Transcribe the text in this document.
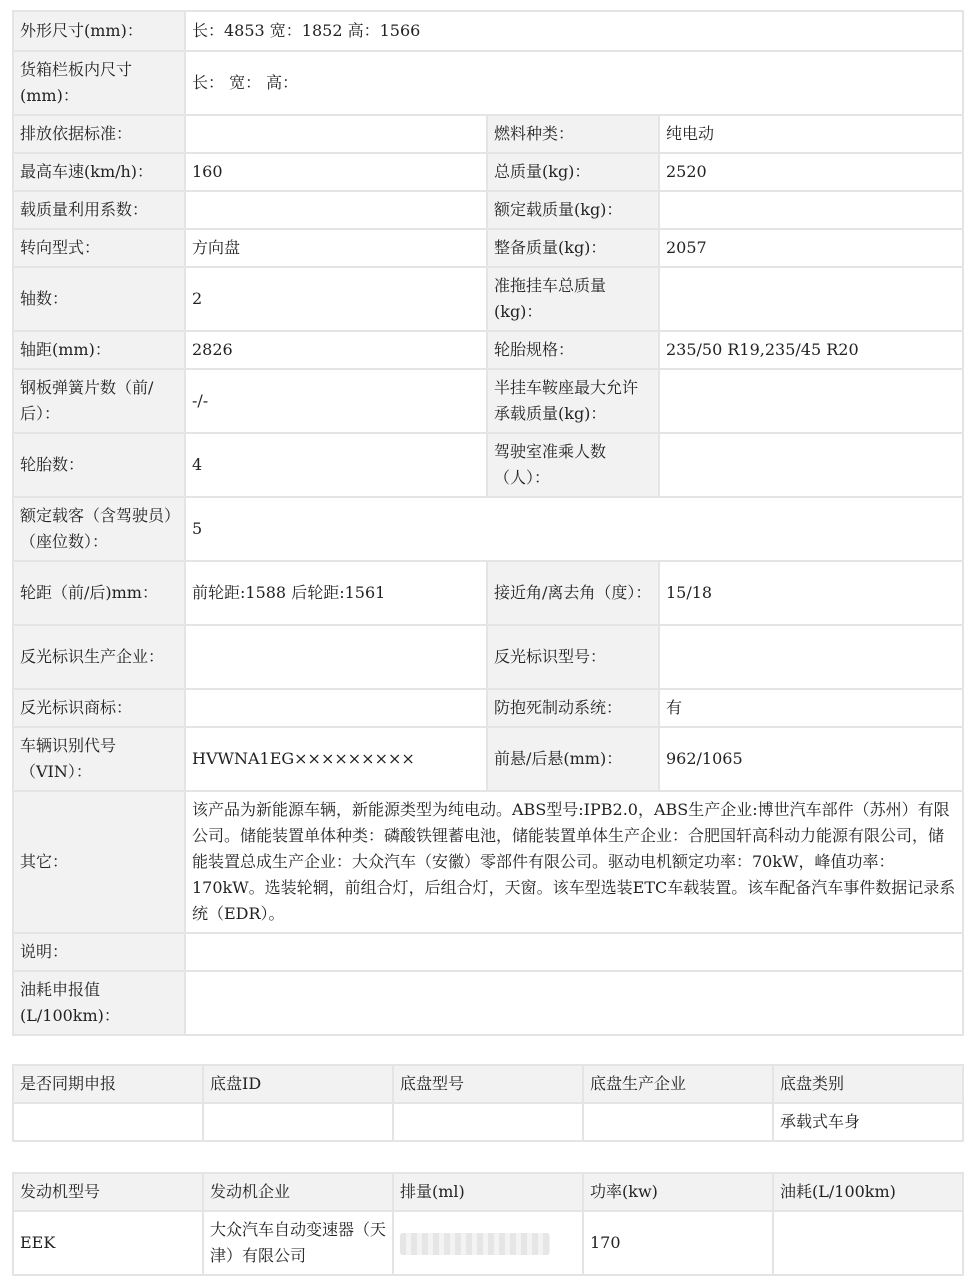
外形尺寸(mm)：	长：4853 宽：1852 高：1566		
货箱栏板内尺寸(mm)：	长： 宽： 高：		
排放依据标准：		燃料种类：	纯电动
最高车速(km/h)：	160	总质量(kg)：	2520
载质量利用系数：		额定载质量(kg)：	
转向型式：	方向盘	整备质量(kg)：	2057
轴数：	2	准拖挂车总质量(kg)：	
轴距(mm)：	2826	轮胎规格：	235/50 R19,235/45 R20
钢板弹簧片数（前/后）：	-/-	半挂车鞍座最大允许承载质量(kg)：	
轮胎数：	4	驾驶室准乘人数（人）：	
额定载客（含驾驶员）（座位数）：	5		
轮距（前/后)mm：	前轮距:1588 后轮距:1561	接近角/离去角（度）：	15/18
反光标识生产企业：		反光标识型号：	
反光标识商标：		防抱死制动系统：	有
车辆识别代号（VIN）：	HVWNA1EG×××××××××	前悬/后悬(mm)：	962/1065
其它：	该产品为新能源车辆，新能源类型为纯电动。ABS型号:IPB2.0，ABS生产企业:博世汽车部件（苏州）有限公司。储能装置单体种类：磷酸铁锂蓄电池，储能装置单体生产企业：合肥国轩高科动力能源有限公司，储能装置总成生产企业：大众汽车（安徽）零部件有限公司。驱动电机额定功率：70kW，峰值功率：170kW。选装轮辋，前组合灯，后组合灯，天窗。该车型选装ETC车载装置。该车配备汽车事件数据记录系统（EDR）。		
说明：			
油耗申报值(L/100km)：			
是否同期申报	底盘ID	底盘型号	底盘生产企业	底盘类别
				承载式车身
发动机型号	发动机企业	排量(ml)	功率(kw)	油耗(L/100km)
EEK	大众汽车自动变速器（天津）有限公司		170	
